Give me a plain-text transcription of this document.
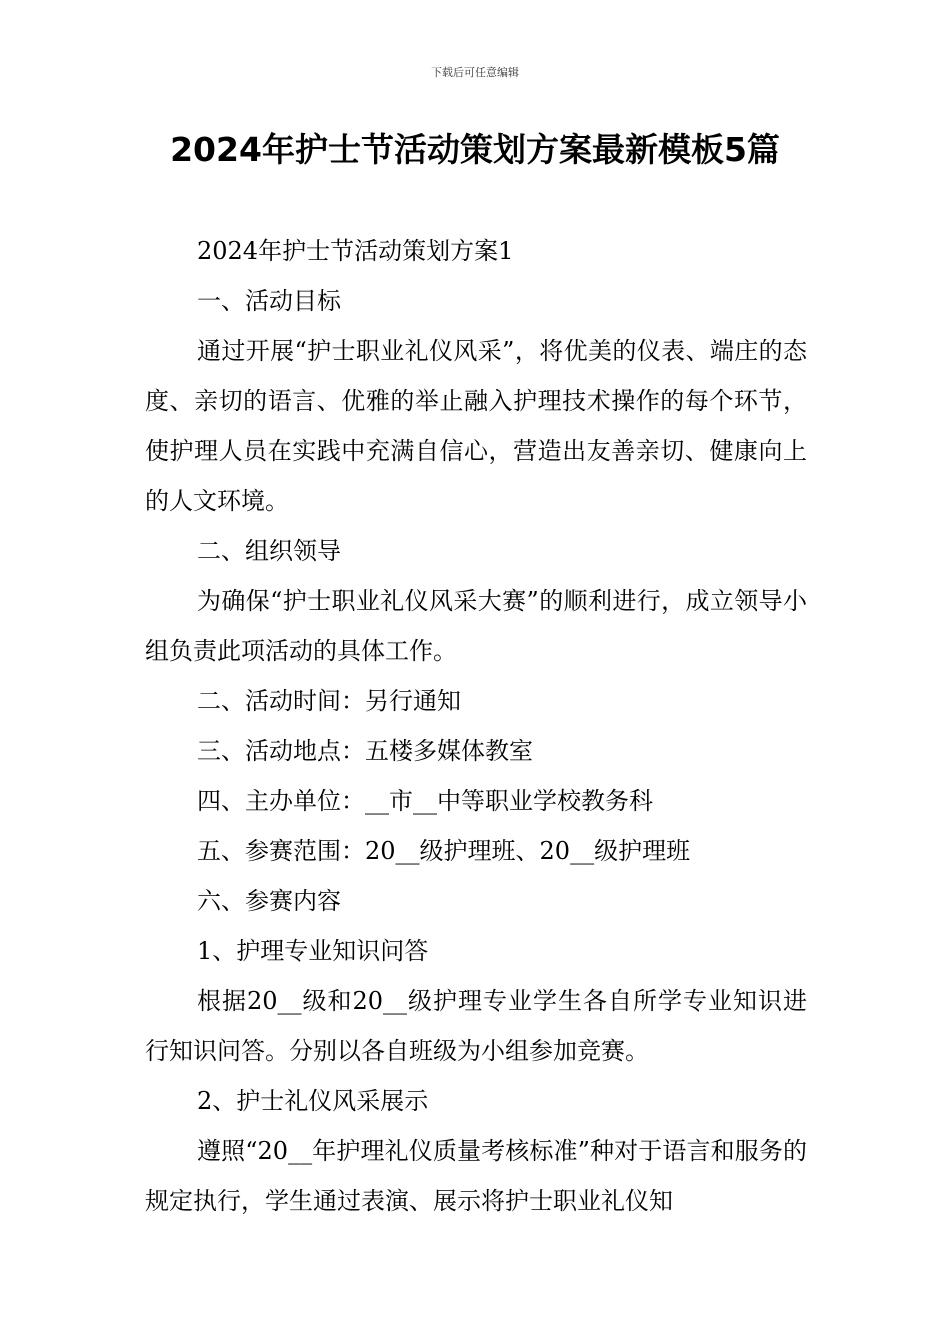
下载后可任意编辑
2024年护士节活动策划方案最新模板5篇

2024年护士节活动策划方案1

一、活动目标

通过开展“护士职业礼仪风采”，将优美的仪表、端庄的态度、亲切的语言、优雅的举止融入护理技术操作的每个环节，使护理人员在实践中充满自信心，营造出友善亲切、健康向上的人文环境。

二、组织领导

为确保“护士职业礼仪风采大赛”的顺利进行，成立领导小组负责此项活动的具体工作。

二、活动时间：另行通知

三、活动地点：五楼多媒体教室

四、主办单位：__市__中等职业学校教务科

五、参赛范围：20__级护理班、20__级护理班

六、参赛内容

1、护理专业知识问答

根据20__级和20__级护理专业学生各自所学专业知识进行知识问答。分别以各自班级为小组参加竞赛。

2、护士礼仪风采展示

遵照“20__年护理礼仪质量考核标准”种对于语言和服务的规定执行，学生通过表演、展示将护士职业礼仪知
